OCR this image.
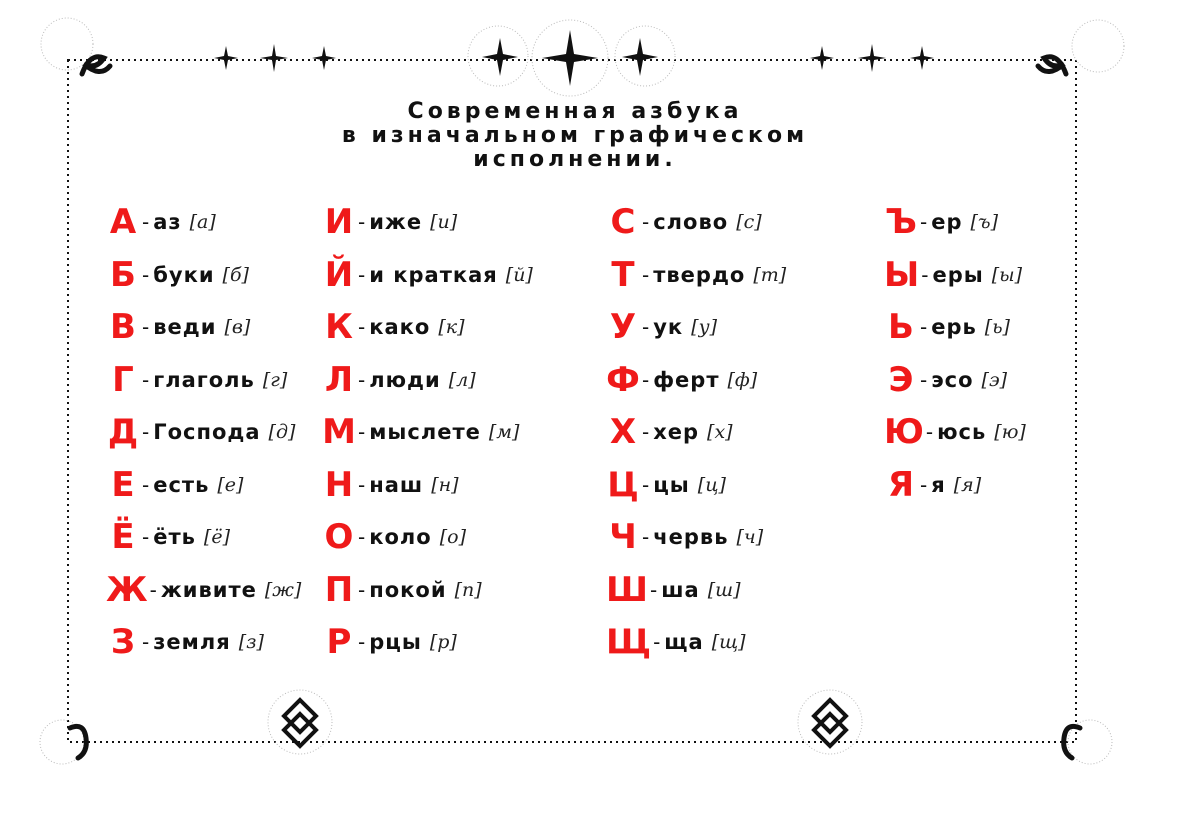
Современная азбука
в изначальном графическом
исполнении.
А - аз [а]
Б - буки [б]
В - веди [в]
Г - глаголь [г]
Д - Господа [д]
Е - есть [е]
Ё - ёть [ё]
Ж - живите [ж]
З - земля [з]
И - иже [и]
Й - и краткая [й]
К - како [к]
Л - люди [л]
М - мыслете [м]
Н - наш [н]
О - коло [о]
П - покой [п]
Р - рцы [р]
С - слово [с]
Т - твердо [т]
У - ук [у]
Ф - ферт [ф]
Х - хер [х]
Ц - цы [ц]
Ч - червь [ч]
Ш - ша [ш]
Щ - ща [щ]
Ъ - ер [ъ]
Ы - еры [ы]
Ь - ерь [ь]
Э - эсо [э]
Ю - юсь [ю]
Я - я [я]
